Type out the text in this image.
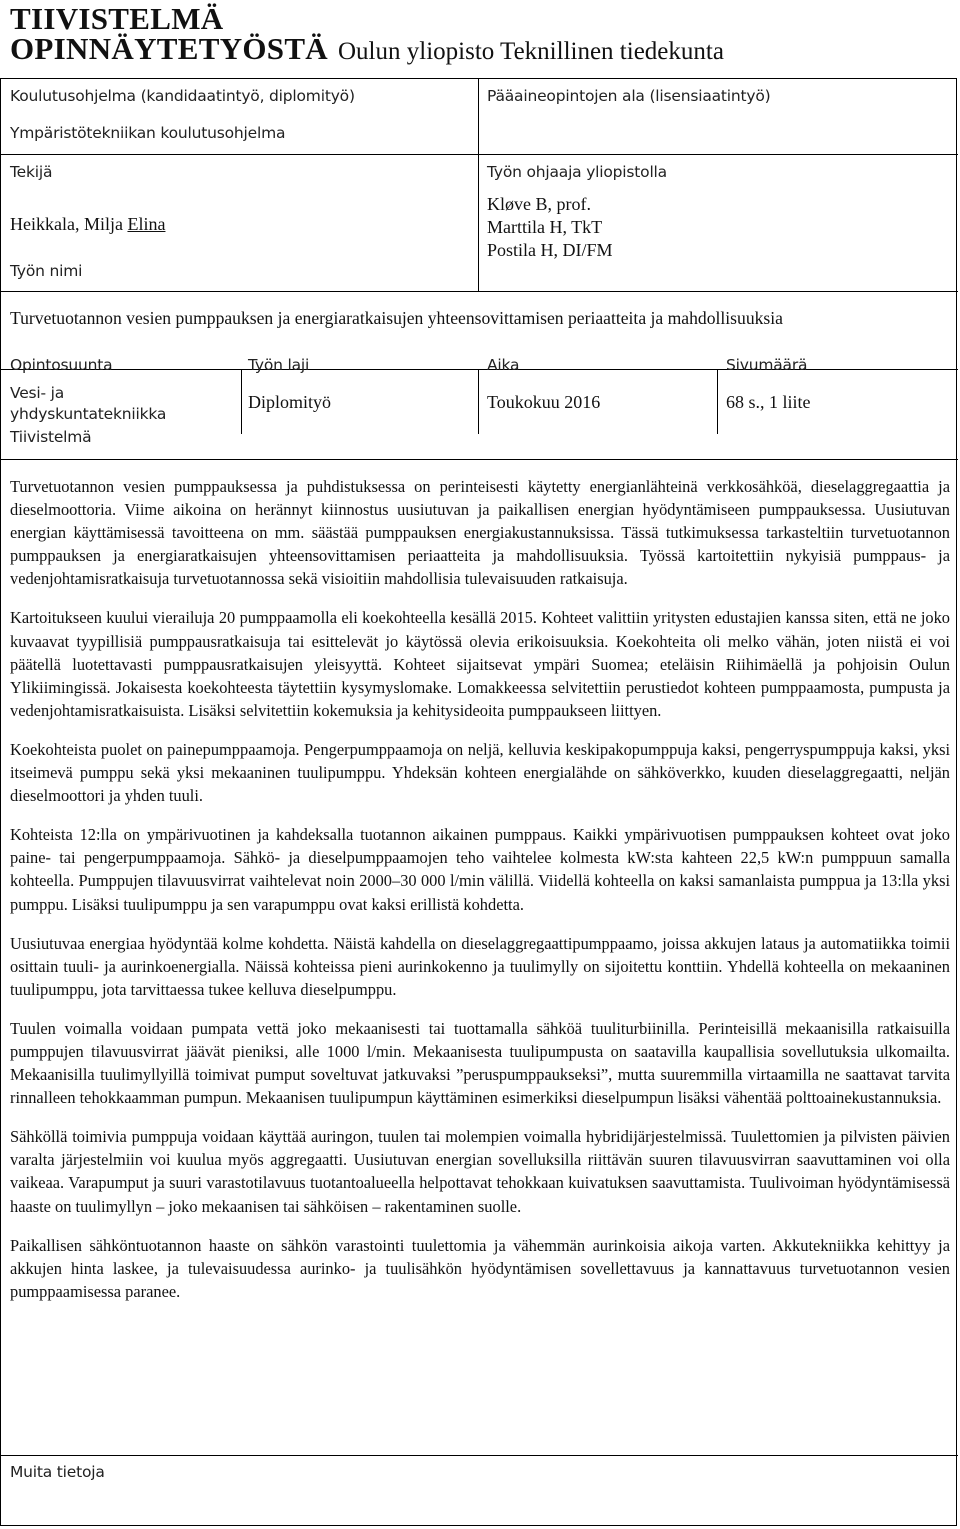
TIIVISTELMÄ
OPINNÄYTETYÖSTÄ Oulun yliopisto Teknillinen tiedekunta
Koulutusohjelma (kandidaatintyö, diplomityö)	Pääaineopintojen ala (lisensiaatintyö)
Ympäristötekniikan koulutusohjelma
Tekijä	Työn ohjaaja yliopistolla
Heikkala, Milja Elina
Kløve B, prof.
Marttila H, TkT
Postila H, DI/FM
Työn nimi
Turvetuotannon vesien pumppauksen ja energiaratkaisujen yhteensovittamisen periaatteita ja mahdollisuuksia
Opintosuunta	Työn laji	Aika	Sivumäärä
Vesi- ja
yhdyskuntatekniikka
Diplomityö	Toukokuu 2016	68 s., 1 liite
Tiivistelmä

Turvetuotannon vesien pumppauksessa ja puhdistuksessa on perinteisesti käytetty energianlähteinä verkkosähköä, dieselaggregaattia ja dieselmoottoria. Viime aikoina on herännyt kiinnostus uusiutuvan ja paikallisen energian hyödyntämiseen pumppauksessa. Uusiutuvan energian käyttämisessä tavoitteena on mm. säästää pumppauksen energiakustannuksissa. Tässä tutkimuksessa tarkasteltiin turvetuotannon pumppauksen ja energiaratkaisujen yhteensovittamisen periaatteita ja mahdollisuuksia. Työssä kartoitettiin nykyisiä pumppaus- ja vedenjohtamisratkaisuja turvetuotannossa sekä visioitiin mahdollisia tulevaisuuden ratkaisuja.

Kartoitukseen kuului vierailuja 20 pumppaamolla eli koekohteella kesällä 2015. Kohteet valittiin yritysten edustajien kanssa siten, että ne joko kuvaavat tyypillisiä pumppausratkaisuja tai esittelevät jo käytössä olevia erikoisuuksia. Koekohteita oli melko vähän, joten niistä ei voi päätellä luotettavasti pumppausratkaisujen yleisyyttä. Kohteet sijaitsevat ympäri Suomea; eteläisin Riihimäellä ja pohjoisin Oulun Ylikiimingissä. Jokaisesta koekohteesta täytettiin kysymyslomake. Lomakkeessa selvitettiin perustiedot kohteen pumppaamosta, pumpusta ja vedenjohtamisratkaisuista. Lisäksi selvitettiin kokemuksia ja kehitysideoita pumppaukseen liittyen.

Koekohteista puolet on painepumppaamoja. Pengerpumppaamoja on neljä, kelluvia keskipakopumppuja kaksi, pengerryspumppuja kaksi, yksi itseimevä pumppu sekä yksi mekaaninen tuulipumppu. Yhdeksän kohteen energialähde on sähköverkko, kuuden dieselaggregaatti, neljän dieselmoottori ja yhden tuuli.

Kohteista 12:lla on ympärivuotinen ja kahdeksalla tuotannon aikainen pumppaus. Kaikki ympärivuotisen pumppauksen kohteet ovat joko paine- tai pengerpumppaamoja. Sähkö- ja dieselpumppaamojen teho vaihtelee kolmesta kW:sta kahteen 22,5 kW:n pumppuun samalla kohteella. Pumppujen tilavuusvirrat vaihtelevat noin 2000–30 000 l/min välillä. Viidellä kohteella on kaksi samanlaista pumppua ja 13:lla yksi pumppu. Lisäksi tuulipumppu ja sen varapumppu ovat kaksi erillistä kohdetta.

Uusiutuvaa energiaa hyödyntää kolme kohdetta. Näistä kahdella on dieselaggregaattipumppaamo, joissa akkujen lataus ja automatiikka toimii osittain tuuli- ja aurinkoenergialla. Näissä kohteissa pieni aurinkokenno ja tuulimylly on sijoitettu konttiin. Yhdellä kohteella on mekaaninen tuulipumppu, jota tarvittaessa tukee kelluva dieselpumppu.

Tuulen voimalla voidaan pumpata vettä joko mekaanisesti tai tuottamalla sähköä tuuliturbiinilla. Perinteisillä mekaanisilla ratkaisuilla pumppujen tilavuusvirrat jäävät pieniksi, alle 1000 l/min. Mekaanisesta tuulipumpusta on saatavilla kaupallisia sovellutuksia ulkomailta. Mekaanisilla tuulimyllyillä toimivat pumput soveltuvat jatkuvaksi ”peruspumppaukseksi”, mutta suuremmilla virtaamilla ne saattavat tarvita rinnalleen tehokkaamman pumpun. Mekaanisen tuulipumpun käyttäminen esimerkiksi dieselpumpun lisäksi vähentää polttoainekustannuksia.

Sähköllä toimivia pumppuja voidaan käyttää auringon, tuulen tai molempien voimalla hybridijärjestelmissä. Tuulettomien ja pilvisten päivien varalta järjestelmiin voi kuulua myös aggregaatti. Uusiutuvan energian sovelluksilla riittävän suuren tilavuusvirran saavuttaminen voi olla vaikeaa. Varapumput ja suuri varastotilavuus tuotantoalueella helpottavat tehokkaan kuivatuksen saavuttamista. Tuulivoiman hyödyntämisessä haaste on tuulimyllyn – joko mekaanisen tai sähköisen – rakentaminen suolle.

Paikallisen sähköntuotannon haaste on sähkön varastointi tuulettomia ja vähemmän aurinkoisia aikoja varten. Akkutekniikka kehittyy ja akkujen hinta laskee, ja tulevaisuudessa aurinko- ja tuulisähkön hyödyntämisen sovellettavuus ja kannattavuus turvetuotannon vesien pumppaamisessa paranee.

Muita tietoja
